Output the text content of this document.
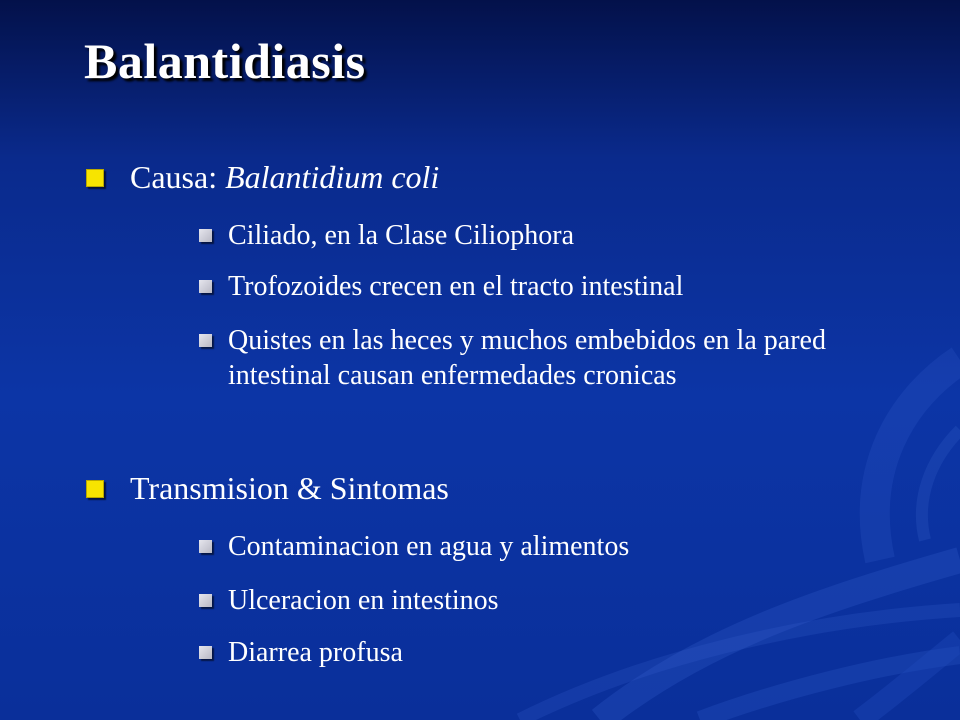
Balantidiasis
Causa: Balantidium coli
Ciliado, en la Clase Ciliophora
Trofozoides crecen en el tracto intestinal
Quistes en las heces y muchos embebidos en la pared intestinal causan enfermedades cronicas
Transmision & Sintomas
Contaminacion en agua y alimentos
Ulceracion en intestinos
Diarrea profusa
